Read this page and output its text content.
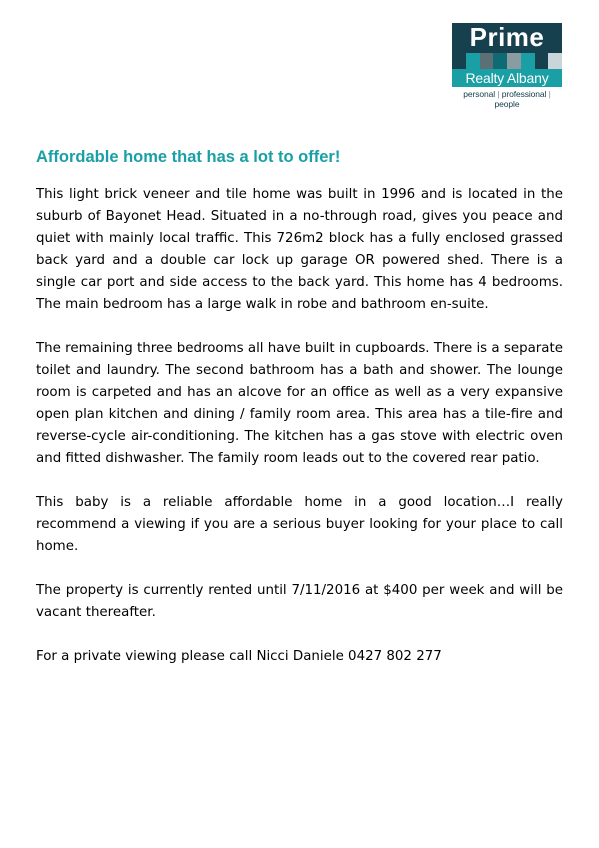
Prime
Realty Albany
personal | professional | people
Affordable home that has a lot to offer!

This light brick veneer and tile home was built in 1996 and is located in the suburb of Bayonet Head. Situated in a no-through road, gives you peace and quiet with mainly local traffic. This 726m2 block has a fully enclosed grassed back yard and a double car lock up garage OR powered shed. There is a single car port and side access to the back yard. This home has 4 bedrooms. The main bedroom has a large walk in robe and bathroom en-suite.

The remaining three bedrooms all have built in cupboards. There is a separate toilet and laundry. The second bathroom has a bath and shower. The lounge room is carpeted and has an alcove for an office as well as a very expansive open plan kitchen and dining / family room area. This area has a tile-fire and reverse-cycle air-conditioning. The kitchen has a gas stove with electric oven and fitted dishwasher. The family room leads out to the covered rear patio.

This baby is a reliable affordable home in a good location…I really recommend a viewing if you are a serious buyer looking for your place to call home.

The property is currently rented until 7/11/2016 at $400 per week and will be vacant thereafter.

For a private viewing please call Nicci Daniele 0427 802 277
